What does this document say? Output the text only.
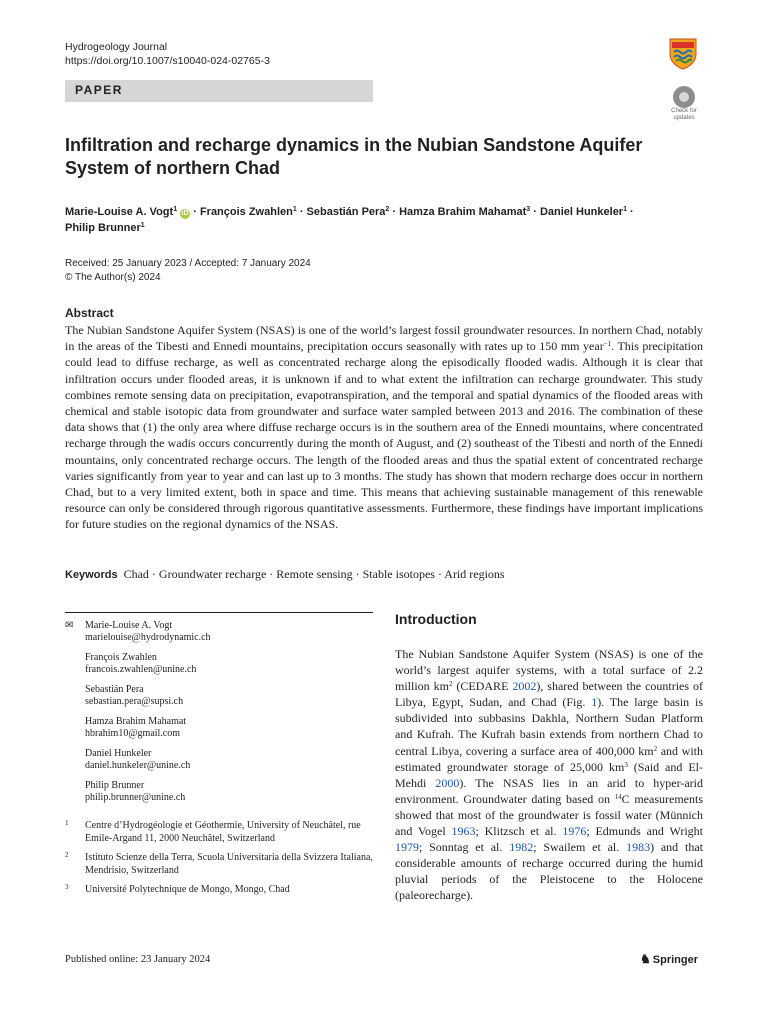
Hydrogeology Journal
https://doi.org/10.1007/s10040-024-02765-3
PAPER
Check for
updates
Infiltration and recharge dynamics in the Nubian Sandstone Aquifer System of northern Chad
Marie-Louise A. Vogt$^1$ iD · François Zwahlen$^1$ · Sebastián Pera$^2$ · Hamza Brahim Mahamat$^3$ · Daniel Hunkeler$^1$ ·
Philip Brunner$^1$
Received: 25 January 2023 / Accepted: 7 January 2024
© The Author(s) 2024
Abstract
The Nubian Sandstone Aquifer System (NSAS) is one of the world’s largest fossil groundwater resources. In northern Chad, notably in the areas of the Tibesti and Ennedi mountains, precipitation occurs seasonally with rates up to 150 mm year$^{-1}$. This precipitation could lead to diffuse recharge, as well as concentrated recharge along the episodically flooded wadis. Although it is clear that infiltration occurs under flooded areas, it is unknown if and to what extent the infiltration can recharge groundwater. This study combines remote sensing data on precipitation, evapotranspiration, and the temporal and spatial dynamics of the flooded areas with chemical and stable isotopic data from groundwater and surface water sampled between 2013 and 2016. The combination of these data shows that (1) the only area where diffuse recharge occurs is in the southern area of the Ennedi mountains, where concentrated recharge through the wadis occurs concurrently during the month of August, and (2) southeast of the Tibesti and north of the Ennedi mountains, only concentrated recharge occurs. The length of the flooded areas and thus the spatial extent of concentrated recharge varies significantly from year to year and can last up to 3 months. The study has shown that modern recharge does occur in northern Chad, but to a very limited extent, both in space and time. This means that achieving sustainable management of this renewable resource can only be considered through rigorous quantitative assessments. Furthermore, these findings have important implications for future studies on the regional dynamics of the NSAS.
Keywords Chad · Groundwater recharge · Remote sensing · Stable isotopes · Arid regions
✉ Marie-Louise A. Vogt
marielouise@hydrodynamic.ch
François Zwahlen
francois.zwahlen@unine.ch
Sebastián Pera
sebastian.pera@supsi.ch
Hamza Brahim Mahamat
hbrahim10@gmail.com
Daniel Hunkeler
daniel.hunkeler@unine.ch
Philip Brunner
philip.brunner@unine.ch
1 Centre d’Hydrogéologie et Géothermie, University of Neuchâtel, rue Emile-Argand 11, 2000 Neuchâtel, Switzerland
2 Istituto Scienze della Terra, Scuola Universitaria della Svizzera Italiana, Mendrisio, Switzerland
3 Université Polytechnique de Mongo, Mongo, Chad
Introduction
The Nubian Sandstone Aquifer System (NSAS) is one of the world’s largest aquifer systems, with a total surface of 2.2 million $km^2$ (CEDARE 2002), shared between the countries of Libya, Egypt, Sudan, and Chad (Fig. 1). The large basin is subdivided into subbasins Dakhla, Northern Sudan Platform and Kufrah. The Kufrah basin extends from northern Chad to central Libya, covering a surface area of 400,000 $km^2$ and with estimated groundwater storage of 25,000 $km^3$ (Said and El-Mehdi 2000). The NSAS lies in an arid to hyper-arid environment. Groundwater dating based on $^{14}$C measurements showed that most of the groundwater is fossil water (Münnich and Vogel 1963; Klitzsch et al. 1976; Edmunds and Wright 1979; Sonntag et al. 1982; Swailem et al. 1983) and that considerable amounts of recharge occurred during the humid pluvial periods of the Pleistocene to the Holocene (paleorecharge).
Published online: 23 January 2024	♞ Springer
